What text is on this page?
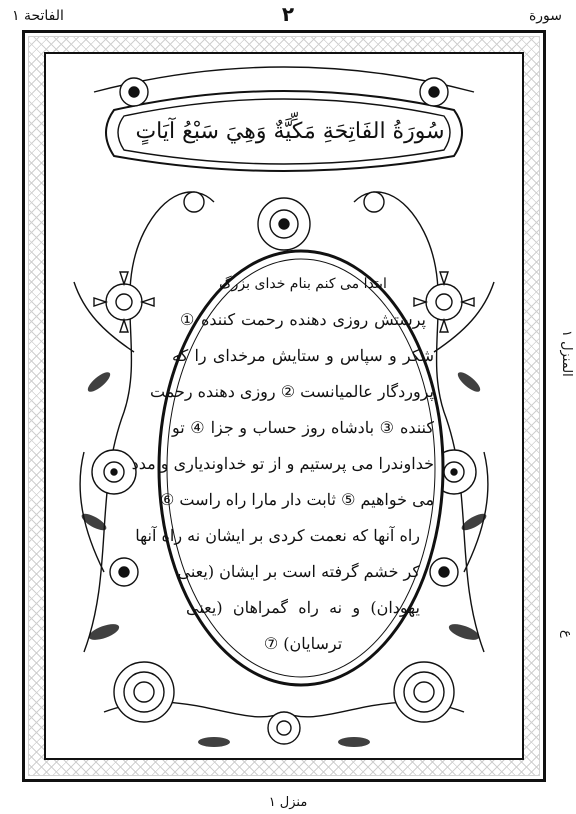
سورة
٢
الفاتحة ١
المنزل ١
ع
سُورَةُ الفَاتِحَةِ مَكِّيَّةٌ وَهِيَ سَبْعُ آيَاتٍ
ابتدا می کنم بنام خدای بزرگ
پرستش روزی دهنده رحمت کننده ①
شکر و سپاس و ستایش مرخدای را که
پروردگار عالمیانست ② روزی دهنده رحمت
کننده ③ بادشاه روز حساب و جزا ④ تو
خداوندرا می پرستیم و از تو خداوندیاری و مدد
می خواهیم ⑤ ثابت دار مارا راه راست ⑥
راه آنها که نعمت کردی بر ایشان نه راه آنها
کر خشم گرفته است بر ایشان (یعنی
یهودان) و نه راه گمراهان (یعنی
ترسایان) ⑦
منزل ١
